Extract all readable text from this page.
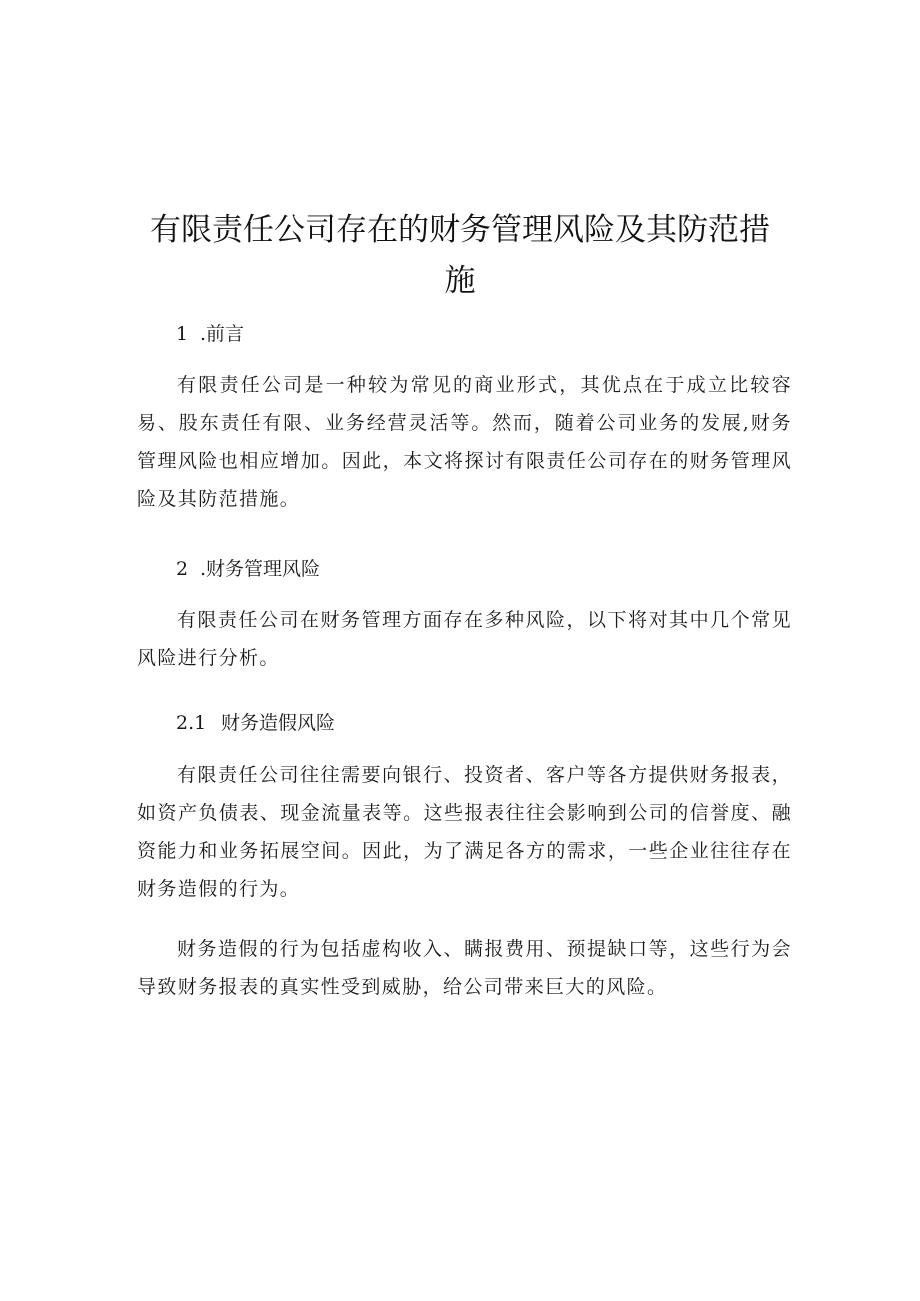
有限责任公司存在的财务管理风险及其防范措施
1 .前言

有限责任公司是一种较为常见的商业形式，其优点在于成立比较容易、股东责任有限、业务经营灵活等。然而，随着公司业务的发展,财务管理风险也相应增加。因此，本文将探讨有限责任公司存在的财务管理风险及其防范措施。

2 .财务管理风险

有限责任公司在财务管理方面存在多种风险，以下将对其中几个常见风险进行分析。

2.1 财务造假风险

有限责任公司往往需要向银行、投资者、客户等各方提供财务报表，如资产负债表、现金流量表等。这些报表往往会影响到公司的信誉度、融资能力和业务拓展空间。因此，为了满足各方的需求，一些企业往往存在财务造假的行为。

财务造假的行为包括虚构收入、瞒报费用、预提缺口等，这些行为会导致财务报表的真实性受到威胁，给公司带来巨大的风险。
